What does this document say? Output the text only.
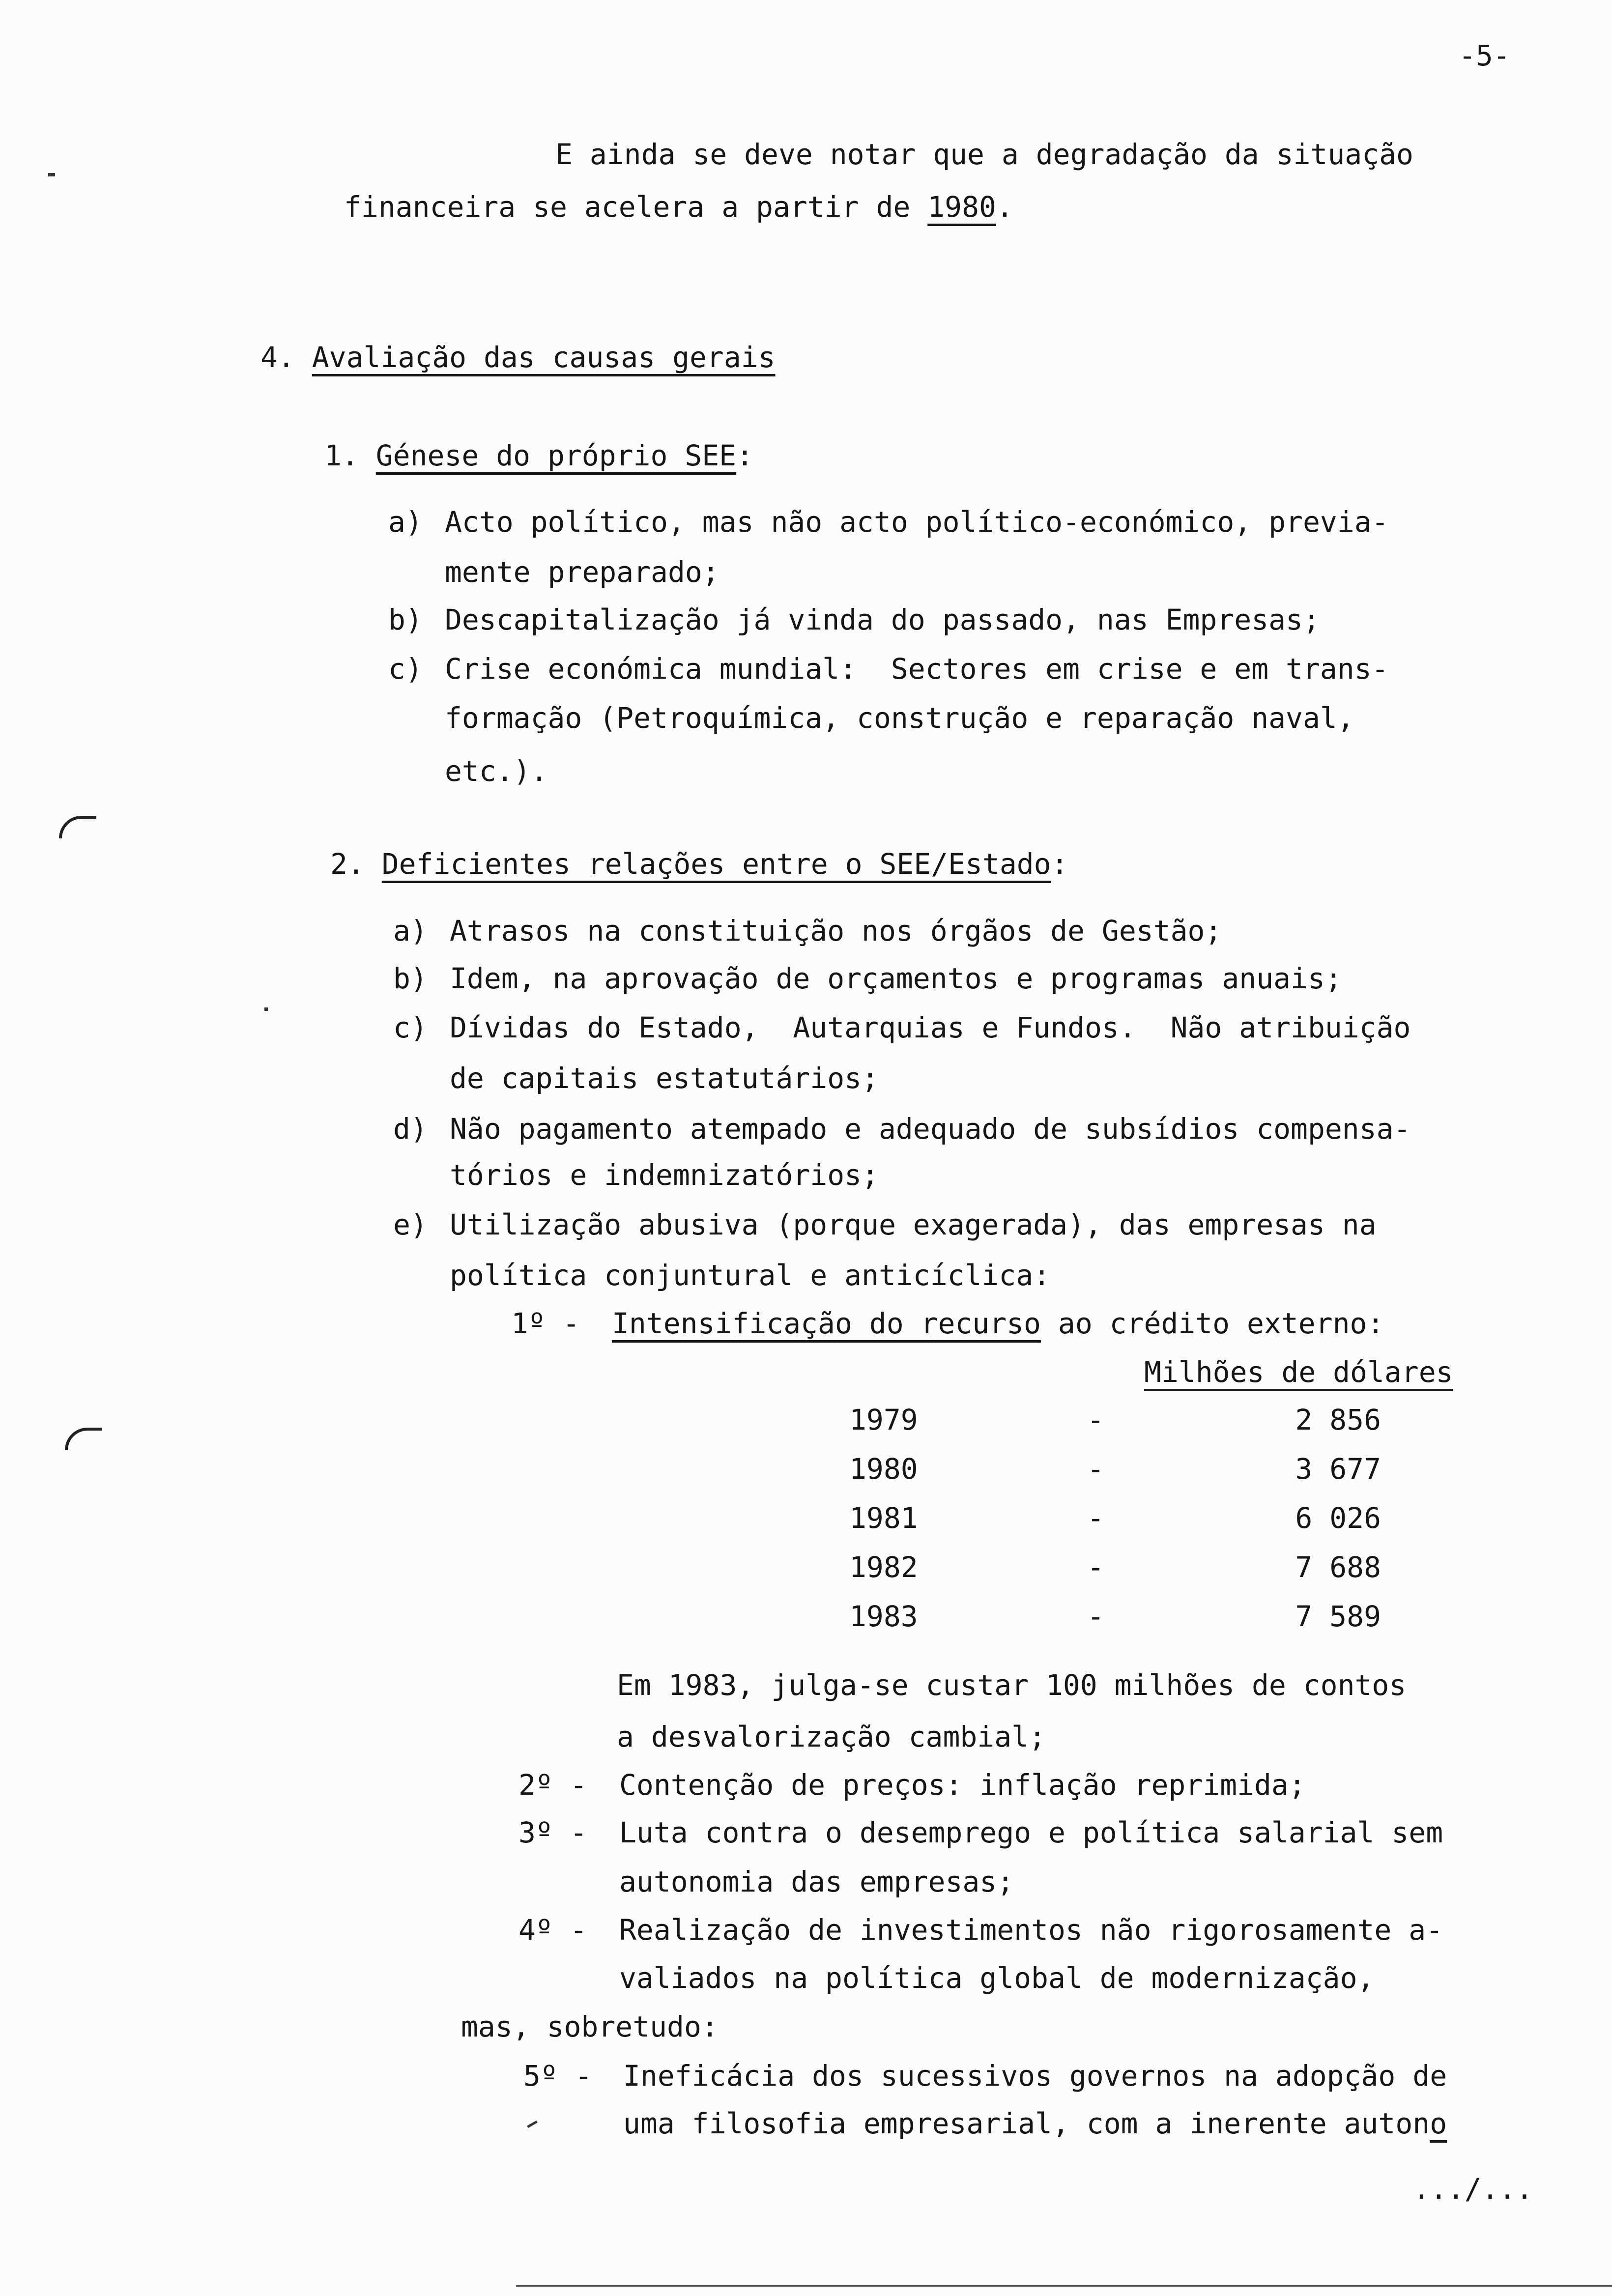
-5-
E ainda se deve notar que a degradação da situação
financeira se acelera a partir de 1980.
4. Avaliação das causas gerais
1. Génese do próprio SEE:
a) Acto político, mas não acto político-económico, previa-
mente preparado;
b) Descapitalização já vinda do passado, nas Empresas;
c) Crise económica mundial:  Sectores em crise e em trans-
formação (Petroquímica, construção e reparação naval,
etc.).
2. Deficientes relações entre o SEE/Estado:
a) Atrasos na constituição nos órgãos de Gestão;
b) Idem, na aprovação de orçamentos e programas anuais;
c) Dívidas do Estado,  Autarquias e Fundos.  Não atribuição
de capitais estatutários;
d) Não pagamento atempado e adequado de subsídios compensa-
tórios e indemnizatórios;
e) Utilização abusiva (porque exagerada), das empresas na
política conjuntural e anticíclica:
1º - Intensificação do recurso ao crédito externo:
Milhões de dólares
1979	-	2 856
1980	-	3 677
1981	-	6 026
1982	-	7 688
1983	-	7 589
Em 1983, julga-se custar 100 milhões de contos
a desvalorização cambial;
2º - Contenção de preços: inflação reprimida;
3º - Luta contra o desemprego e política salarial sem
autonomia das empresas;
4º - Realização de investimentos não rigorosamente a-
valiados na política global de modernização,
mas, sobretudo:
5º - Ineficácia dos sucessivos governos na adopção de
uma filosofia empresarial, com a inerente autono
.../...
